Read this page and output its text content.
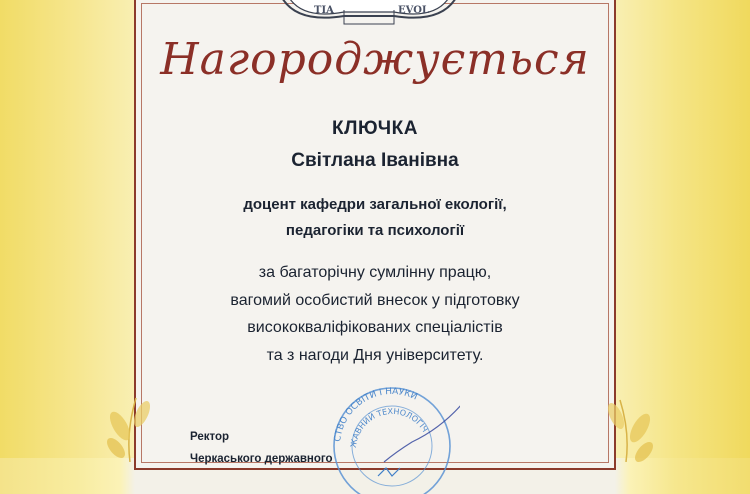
TIA	EVOL
Нагороджується
КЛЮЧКА
Світлана Іванівна
доцент кафедри загальної екології,
педагогіки та психології
за багаторічну сумлінну працю,
вагомий особистий внесок у підготовку
висококваліфікованих спеціалістів
та з нагоди Дня університету.
Ректор
Черкаського державного
СТВО ОСВІТИ І НАУКИ
ЖАВНИЙ ТЕХНОЛОГІЧ
